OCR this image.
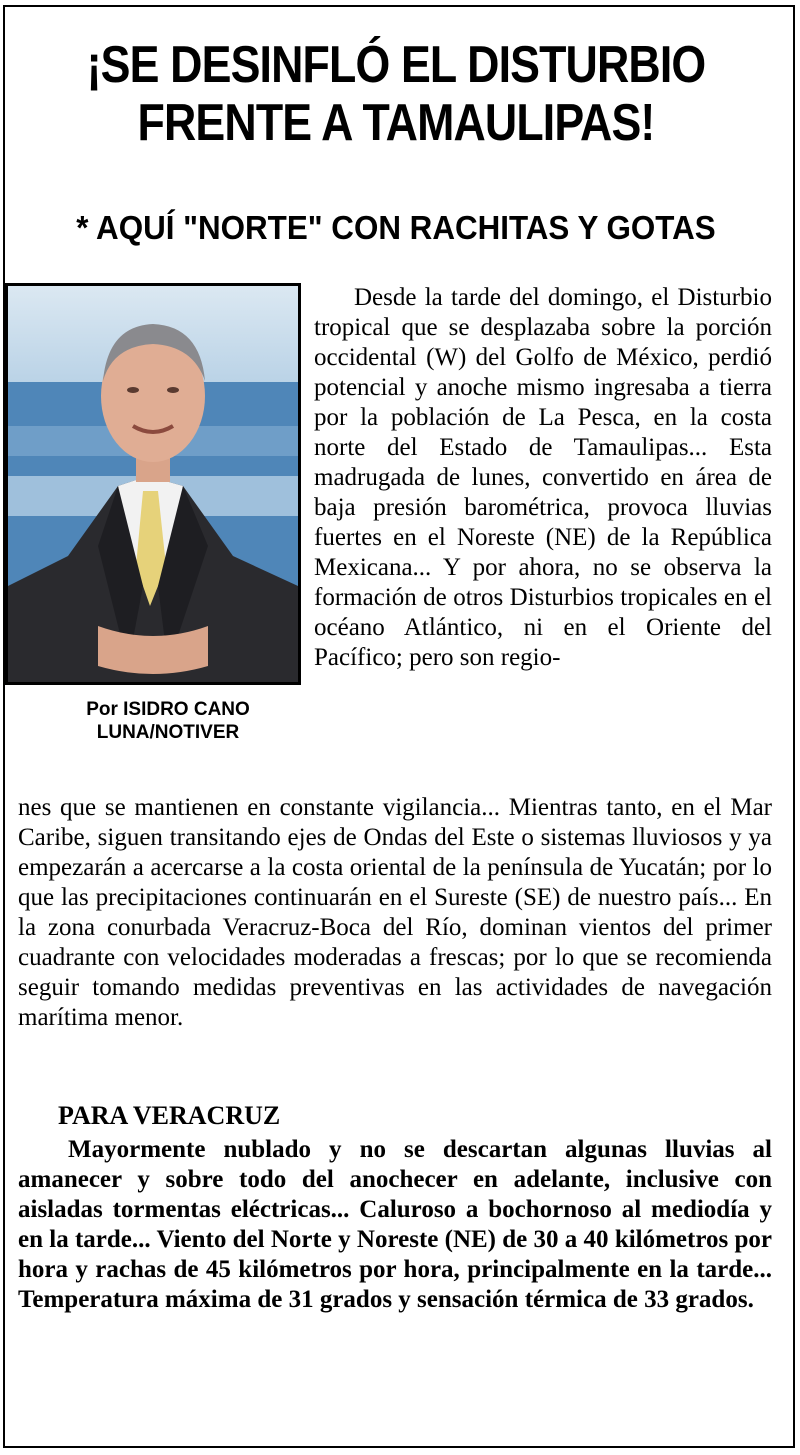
¡SE DESINFLÓ EL DISTURBIO
FRENTE A TAMAULIPAS!
* AQUÍ "NORTE" CON RACHITAS Y GOTAS

Por ISIDRO CANO
LUNA/NOTIVER

Desde la tarde del domingo, el Disturbio tropical que se desplazaba sobre la porción occidental (W) del Golfo de México, perdió potencial y anoche mismo ingresaba a tierra por la población de La Pesca, en la costa norte del Estado de Tamaulipas... Esta madrugada de lunes, convertido en área de baja presión barométrica, provoca lluvias fuertes en el Noreste (NE) de la República Mexicana... Y por ahora, no se observa la formación de otros Disturbios tropicales en el océano Atlántico, ni en el Oriente del Pacífico; pero son regio-

nes que se mantienen en constante vigilancia... Mientras tanto, en el Mar Caribe, siguen transitando ejes de Ondas del Este o sistemas lluviosos y ya empezarán a acercarse a la costa oriental de la península de Yucatán; por lo que las precipitaciones continuarán en el Sureste (SE) de nuestro país... En la zona conurbada Veracruz-Boca del Río, dominan vientos del primer cuadrante con velocidades moderadas a frescas; por lo que se recomienda seguir tomando medidas preventivas en las actividades de navegación marítima menor.

PARA VERACRUZ

Mayormente nublado y no se descartan algunas lluvias al amanecer y sobre todo del anochecer en adelante, inclusive con aisladas tormentas eléctricas... Caluroso a bochornoso al mediodía y en la tarde... Viento del Norte y Noreste (NE) de 30 a 40 kilómetros por hora y rachas de 45 kilómetros por hora, principalmente en la tarde... Temperatura máxima de 31 grados y sensación térmica de 33 grados.
